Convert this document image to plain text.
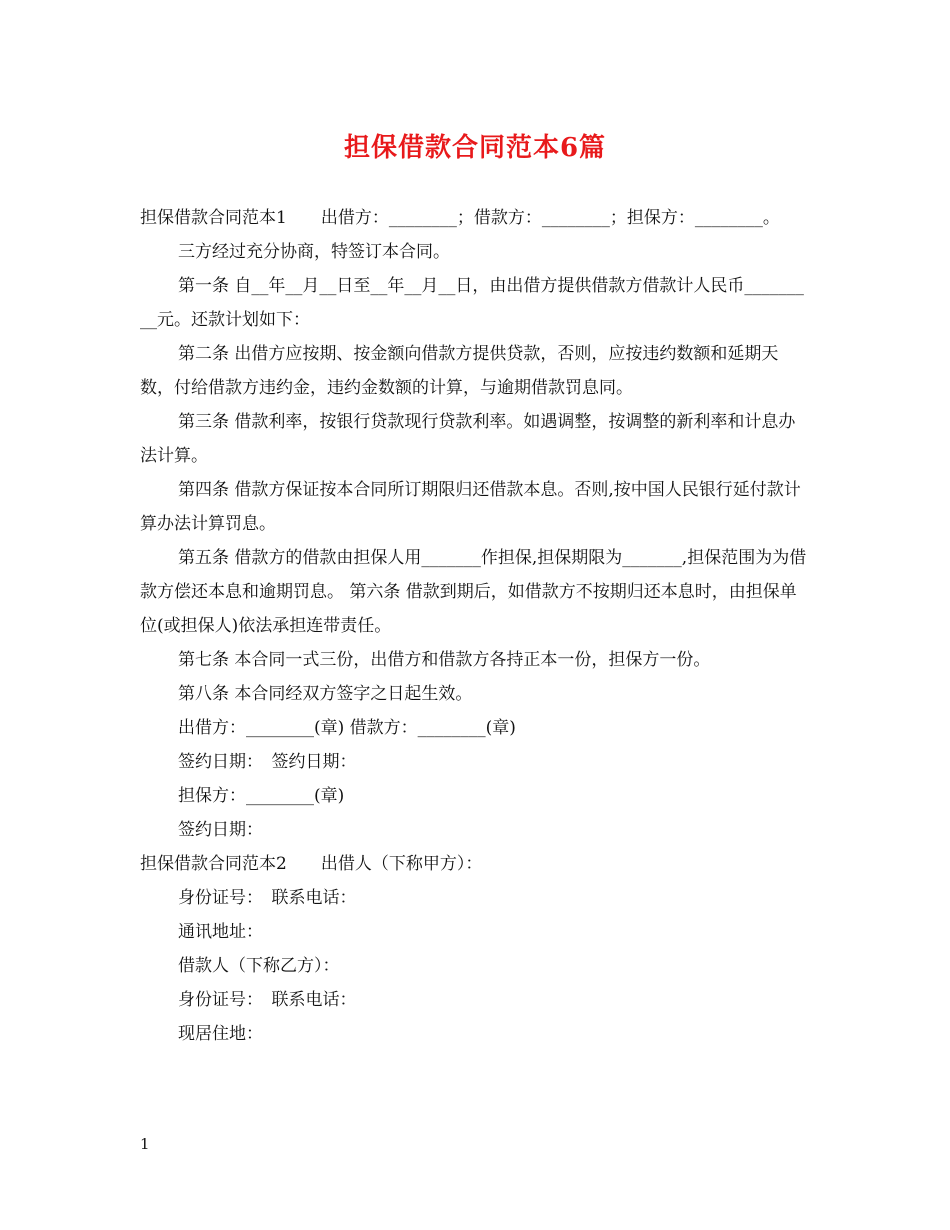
担保借款合同范本6篇

担保借款合同范本1　　出借方：________；借款方：________；担保方：________。

三方经过充分协商，特签订本合同。

第一条 自__年__月__日至__年__月__日，由出借方提供借款方借款计人民币_________元。还款计划如下：

第二条 出借方应按期、按金额向借款方提供贷款，否则，应按违约数额和延期天数，付给借款方违约金，违约金数额的计算，与逾期借款罚息同。

第三条 借款利率，按银行贷款现行贷款利率。如遇调整，按调整的新利率和计息办法计算。

第四条 借款方保证按本合同所订期限归还借款本息。否则,按中国人民银行延付款计算办法计算罚息。

第五条 借款方的借款由担保人用_______作担保,担保期限为_______,担保范围为为借款方偿还本息和逾期罚息。 第六条 借款到期后，如借款方不按期归还本息时，由担保单位(或担保人)依法承担连带责任。

第七条 本合同一式三份，出借方和借款方各持正本一份，担保方一份。

第八条 本合同经双方签字之日起生效。

出借方：________(章) 借款方：________(章)

签约日期：　签约日期：

担保方：________(章)

签约日期：

担保借款合同范本2　　出借人（下称甲方）：

身份证号：　联系电话：

通讯地址：

借款人（下称乙方）：

身份证号：　联系电话：

现居住地：

1
